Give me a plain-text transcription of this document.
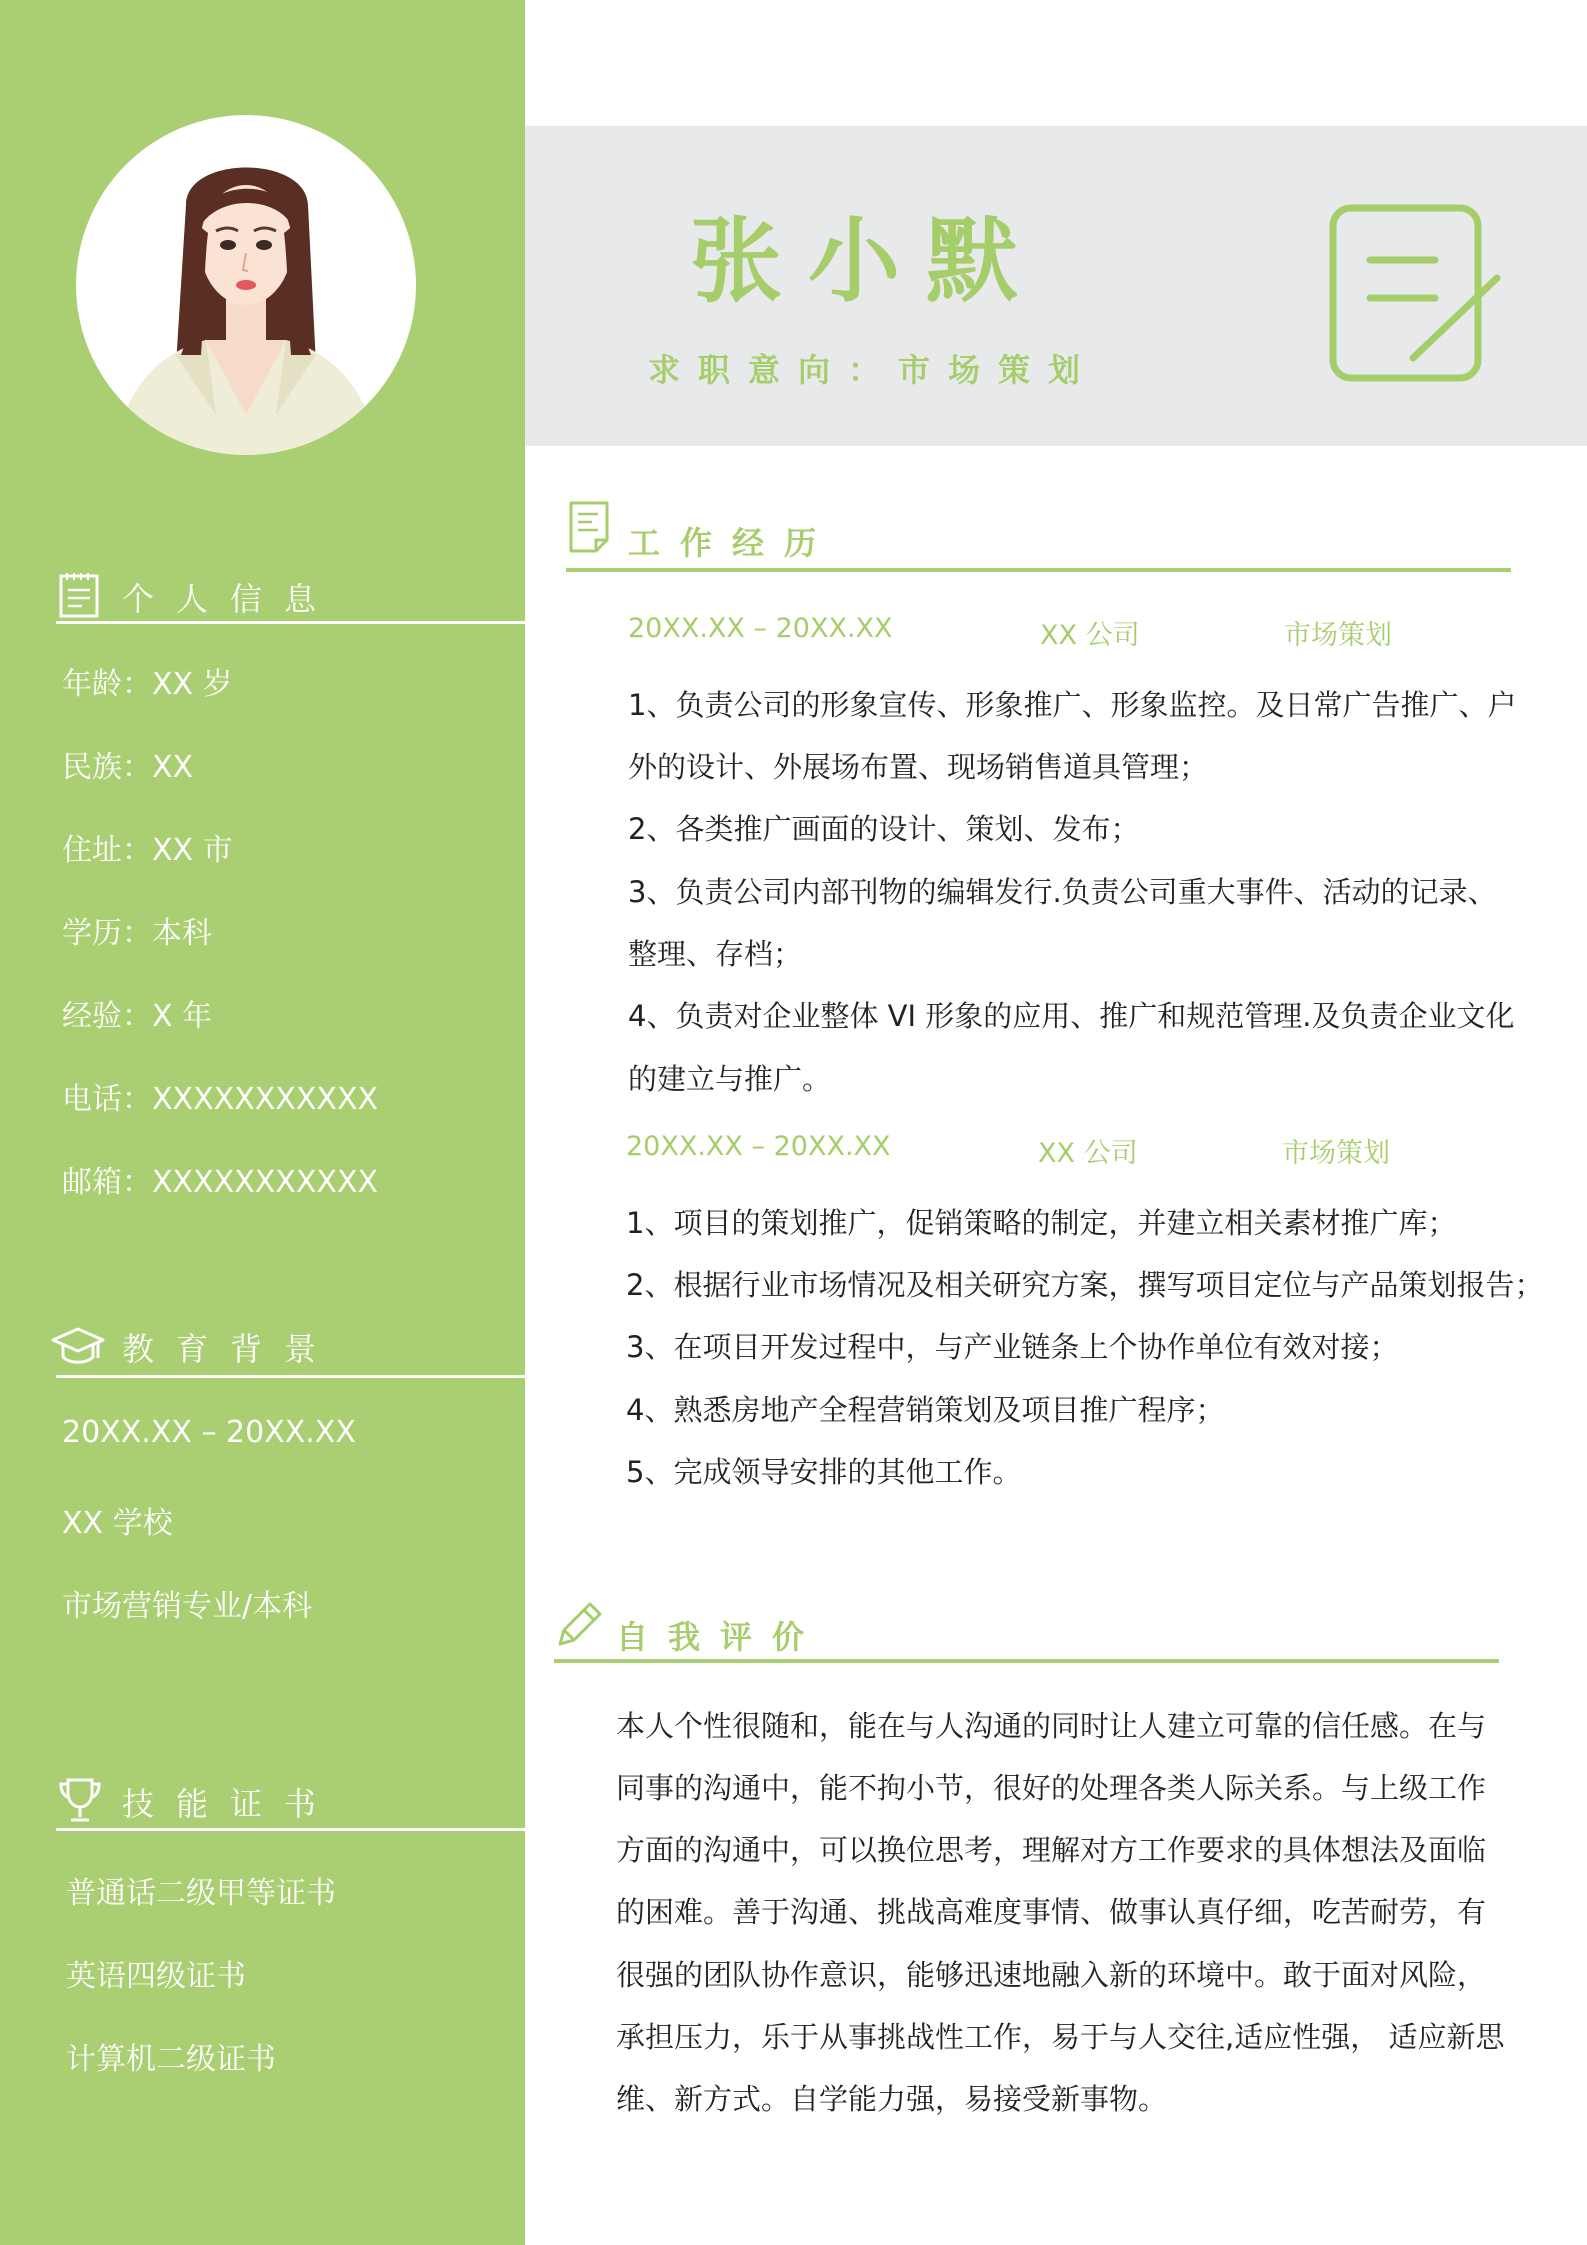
个人信息
年龄：XX 岁
民族：XX
住址：XX 市
学历：本科
经验：X 年
电话：XXXXXXXXXXX
邮箱：XXXXXXXXXXX
教育背景
20XX.XX – 20XX.XX
XX 学校
市场营销专业/本科
技能证书
普通话二级甲等证书
英语四级证书
计算机二级证书
张小默
求职意向：市场策划
工作经历
20XX.XX – 20XX.XX	XX 公司	市场策划
1、负责公司的形象宣传、形象推广、形象监控。及日常广告推广、户
外的设计、外展场布置、现场销售道具管理；
2、各类推广画面的设计、策划、发布；
3、负责公司内部刊物的编辑发行.负责公司重大事件、活动的记录、
整理、存档；
4、负责对企业整体 VI 形象的应用、推广和规范管理.及负责企业文化
的建立与推广。
20XX.XX – 20XX.XX	XX 公司	市场策划
1、项目的策划推广，促销策略的制定，并建立相关素材推广库；
2、根据行业市场情况及相关研究方案，撰写项目定位与产品策划报告；
3、在项目开发过程中，与产业链条上个协作单位有效对接；
4、熟悉房地产全程营销策划及项目推广程序；
5、完成领导安排的其他工作。
自我评价
本人个性很随和，能在与人沟通的同时让人建立可靠的信任感。在与
同事的沟通中，能不拘小节，很好的处理各类人际关系。与上级工作
方面的沟通中，可以换位思考，理解对方工作要求的具体想法及面临
的困难。善于沟通、挑战高难度事情、做事认真仔细，吃苦耐劳，有
很强的团队协作意识，能够迅速地融入新的环境中。敢于面对风险，
承担压力，乐于从事挑战性工作，易于与人交往,适应性强， 适应新思
维、新方式。自学能力强，易接受新事物。
